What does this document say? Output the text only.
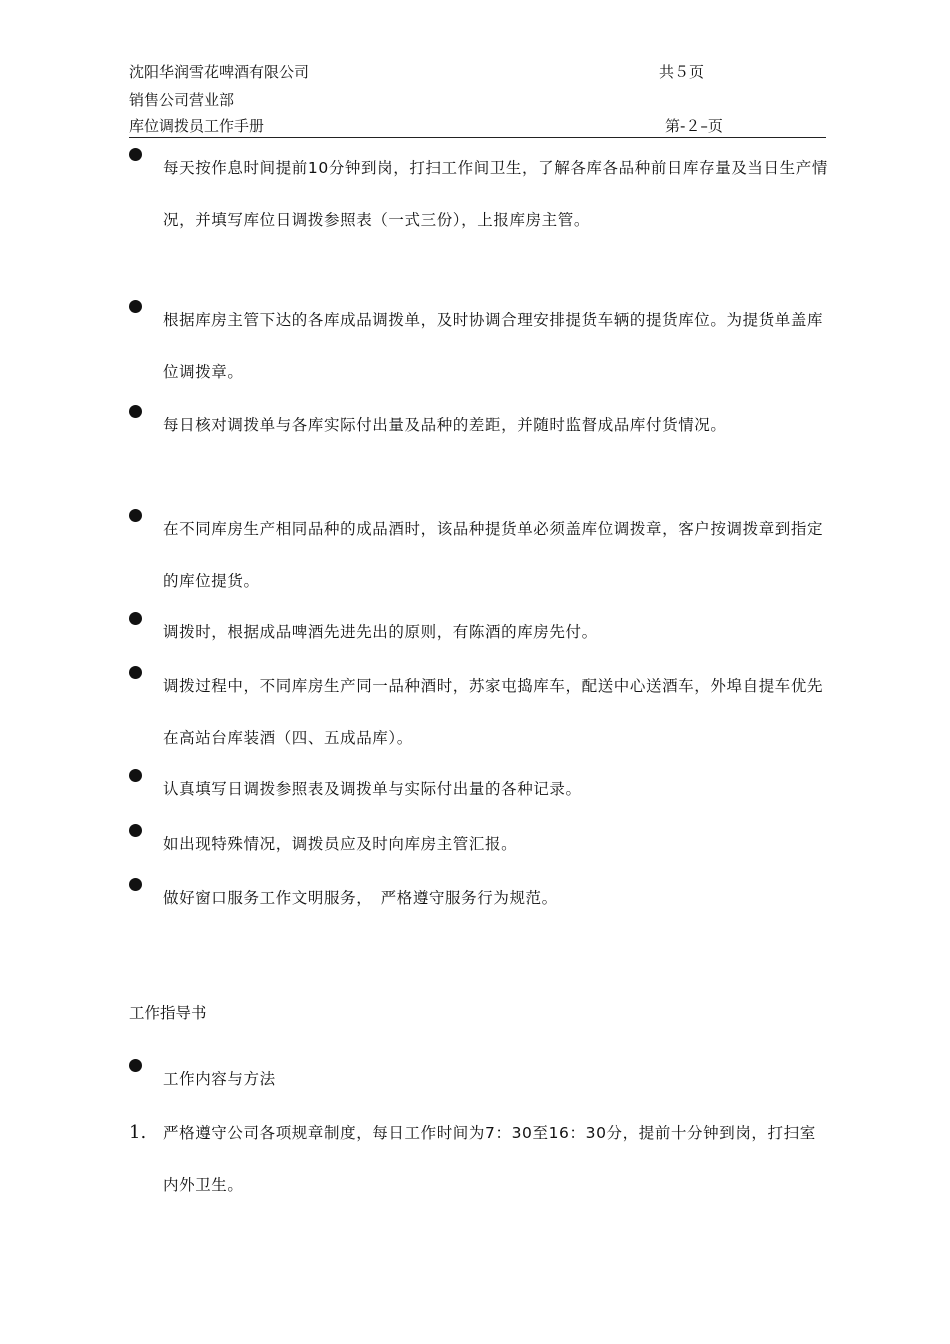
沈阳华润雪花啤酒有限公司
销售公司营业部
库位调拨员工作手册
共５页
第-２–页
每天按作息时间提前10分钟到岗，打扫工作间卫生，了解各库各品种前日库存量及当日生产情况，并填写库位日调拨参照表（一式三份），上报库房主管。
根据库房主管下达的各库成品调拨单，及时协调合理安排提货车辆的提货库位。为提货单盖库位调拨章。
每日核对调拨单与各库实际付出量及品种的差距，并随时监督成品库付货情况。
在不同库房生产相同品种的成品酒时，该品种提货单必须盖库位调拨章，客户按调拨章到指定的库位提货。
调拨时，根据成品啤酒先进先出的原则，有陈酒的库房先付。
调拨过程中，不同库房生产同一品种酒时，苏家屯捣库车，配送中心送酒车，外埠自提车优先在高站台库装酒（四、五成品库）。
认真填写日调拨参照表及调拨单与实际付出量的各种记录。
如出现特殊情况，调拨员应及时向库房主管汇报。
做好窗口服务工作文明服务，　严格遵守服务行为规范。
工作指导书
工作内容与方法
1. 严格遵守公司各项规章制度，每日工作时间为7：30至16：30分，提前十分钟到岗，打扫室内外卫生。
